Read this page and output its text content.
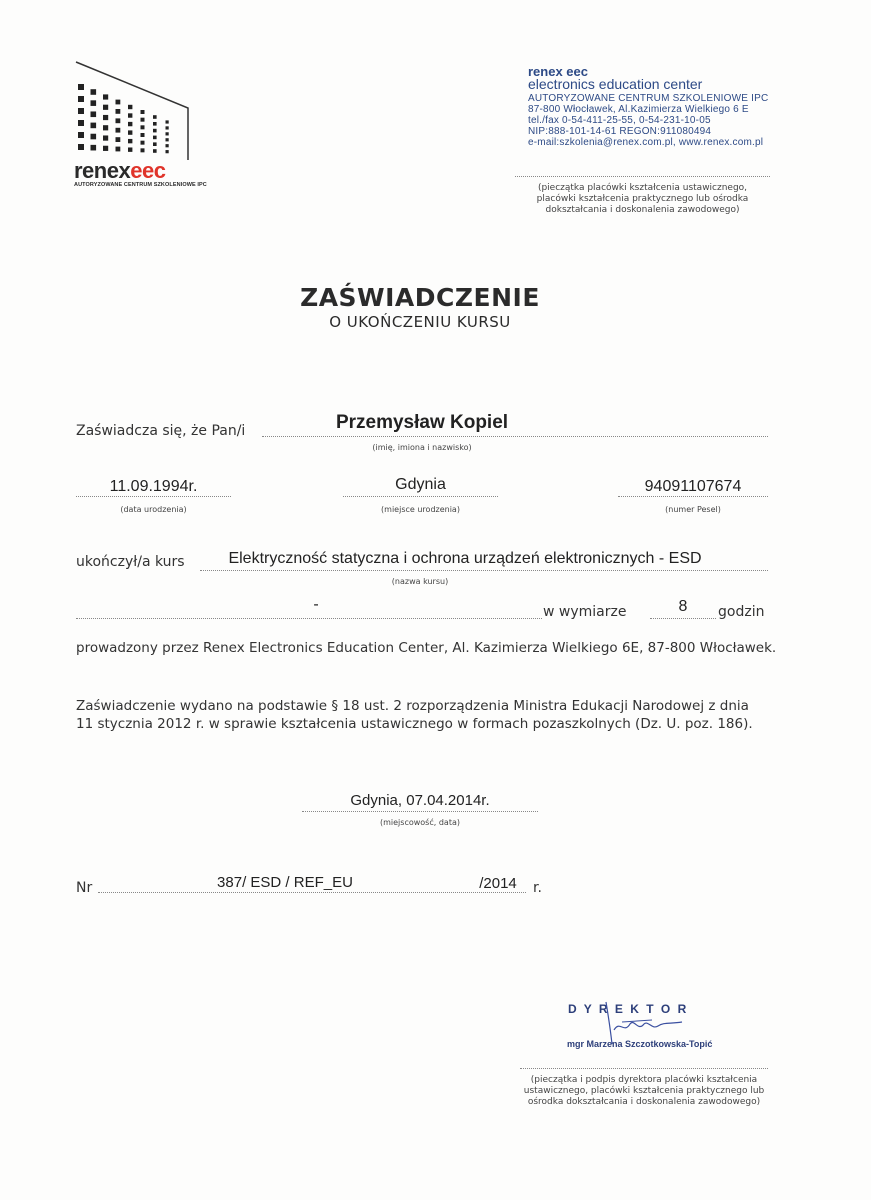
renexeec
AUTORYZOWANE CENTRUM SZKOLENIOWE IPC
renex eec
electronics education center
AUTORYZOWANE CENTRUM SZKOLENIOWE IPC
87-800 Włocławek, Al.Kazimierza Wielkiego 6 E
tel./fax 0-54-411-25-55, 0-54-231-10-05
NIP:888-101-14-61 REGON:911080494
e-mail:szkolenia@renex.com.pl, www.renex.com.pl
(pieczątka placówki kształcenia ustawicznego,
placówki kształcenia praktycznego lub ośrodka
dokształcania i doskonalenia zawodowego)
ZAŚWIADCZENIE
O UKOŃCZENIU KURSU
Zaświadcza się, że Pan/i	Przemysław Kopiel
(imię, imiona i nazwisko)
11.09.1994r.
(data urodzenia)
Gdynia
(miejsce urodzenia)
94091107674
(numer Pesel)
ukończył/a kurs	Elektryczność statyczna i ochrona urządzeń elektronicznych - ESD
(nazwa kursu)
-	w wymiarze	8	godzin
prowadzony przez Renex Electronics Education Center, Al. Kazimierza Wielkiego 6E, 87-800 Włocławek.
Zaświadczenie wydano na podstawie § 18 ust. 2 rozporządzenia Ministra Edukacji Narodowej z dnia
11 stycznia 2012 r. w sprawie kształcenia ustawicznego w formach pozaszkolnych (Dz. U. poz. 186).
Gdynia, 07.04.2014r.
(miejscowość, data)
Nr	387/ ESD / REF_EU	/2014	r.
D Y R E K T O R
mgr Marzena Szczotkowska-Topić
(pieczątka i podpis dyrektora placówki kształcenia
ustawicznego, placówki kształcenia praktycznego lub
ośrodka dokształcania i doskonalenia zawodowego)
